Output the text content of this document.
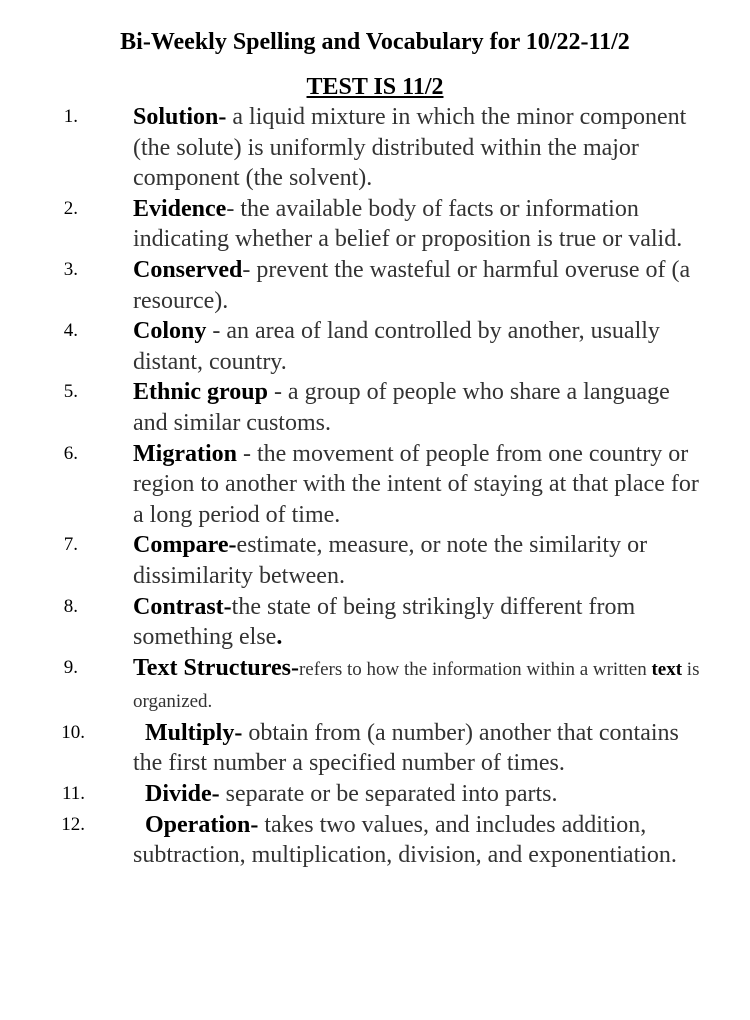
Bi-Weekly Spelling and Vocabulary for 10/22-11/2

TEST IS 11/2

1. Solution- a liquid mixture in which the minor component (the solute) is uniformly distributed within the major component (the solvent).
2. Evidence- the available body of facts or information indicating whether a belief or proposition is true or valid.
3. Conserved- prevent the wasteful or harmful overuse of (a resource).
4. Colony - an area of land controlled by another, usually distant, country.
5. Ethnic group - a group of people who share a language and similar customs.
6. Migration - the movement of people from one country or region to another with the intent of staying at that place for a long period of time.
7. Compare-estimate, measure, or note the similarity or dissimilarity between.
8. Contrast-the state of being strikingly different from something else.
9. Text Structures-refers to how the information within a written text is organized.
10.	Multiply- obtain from (a number) another that contains the first number a specified number of times.
11.	Divide- separate or be separated into parts.
12.	Operation- takes two values, and includes addition, subtraction, multiplication, division, and exponentiation.
